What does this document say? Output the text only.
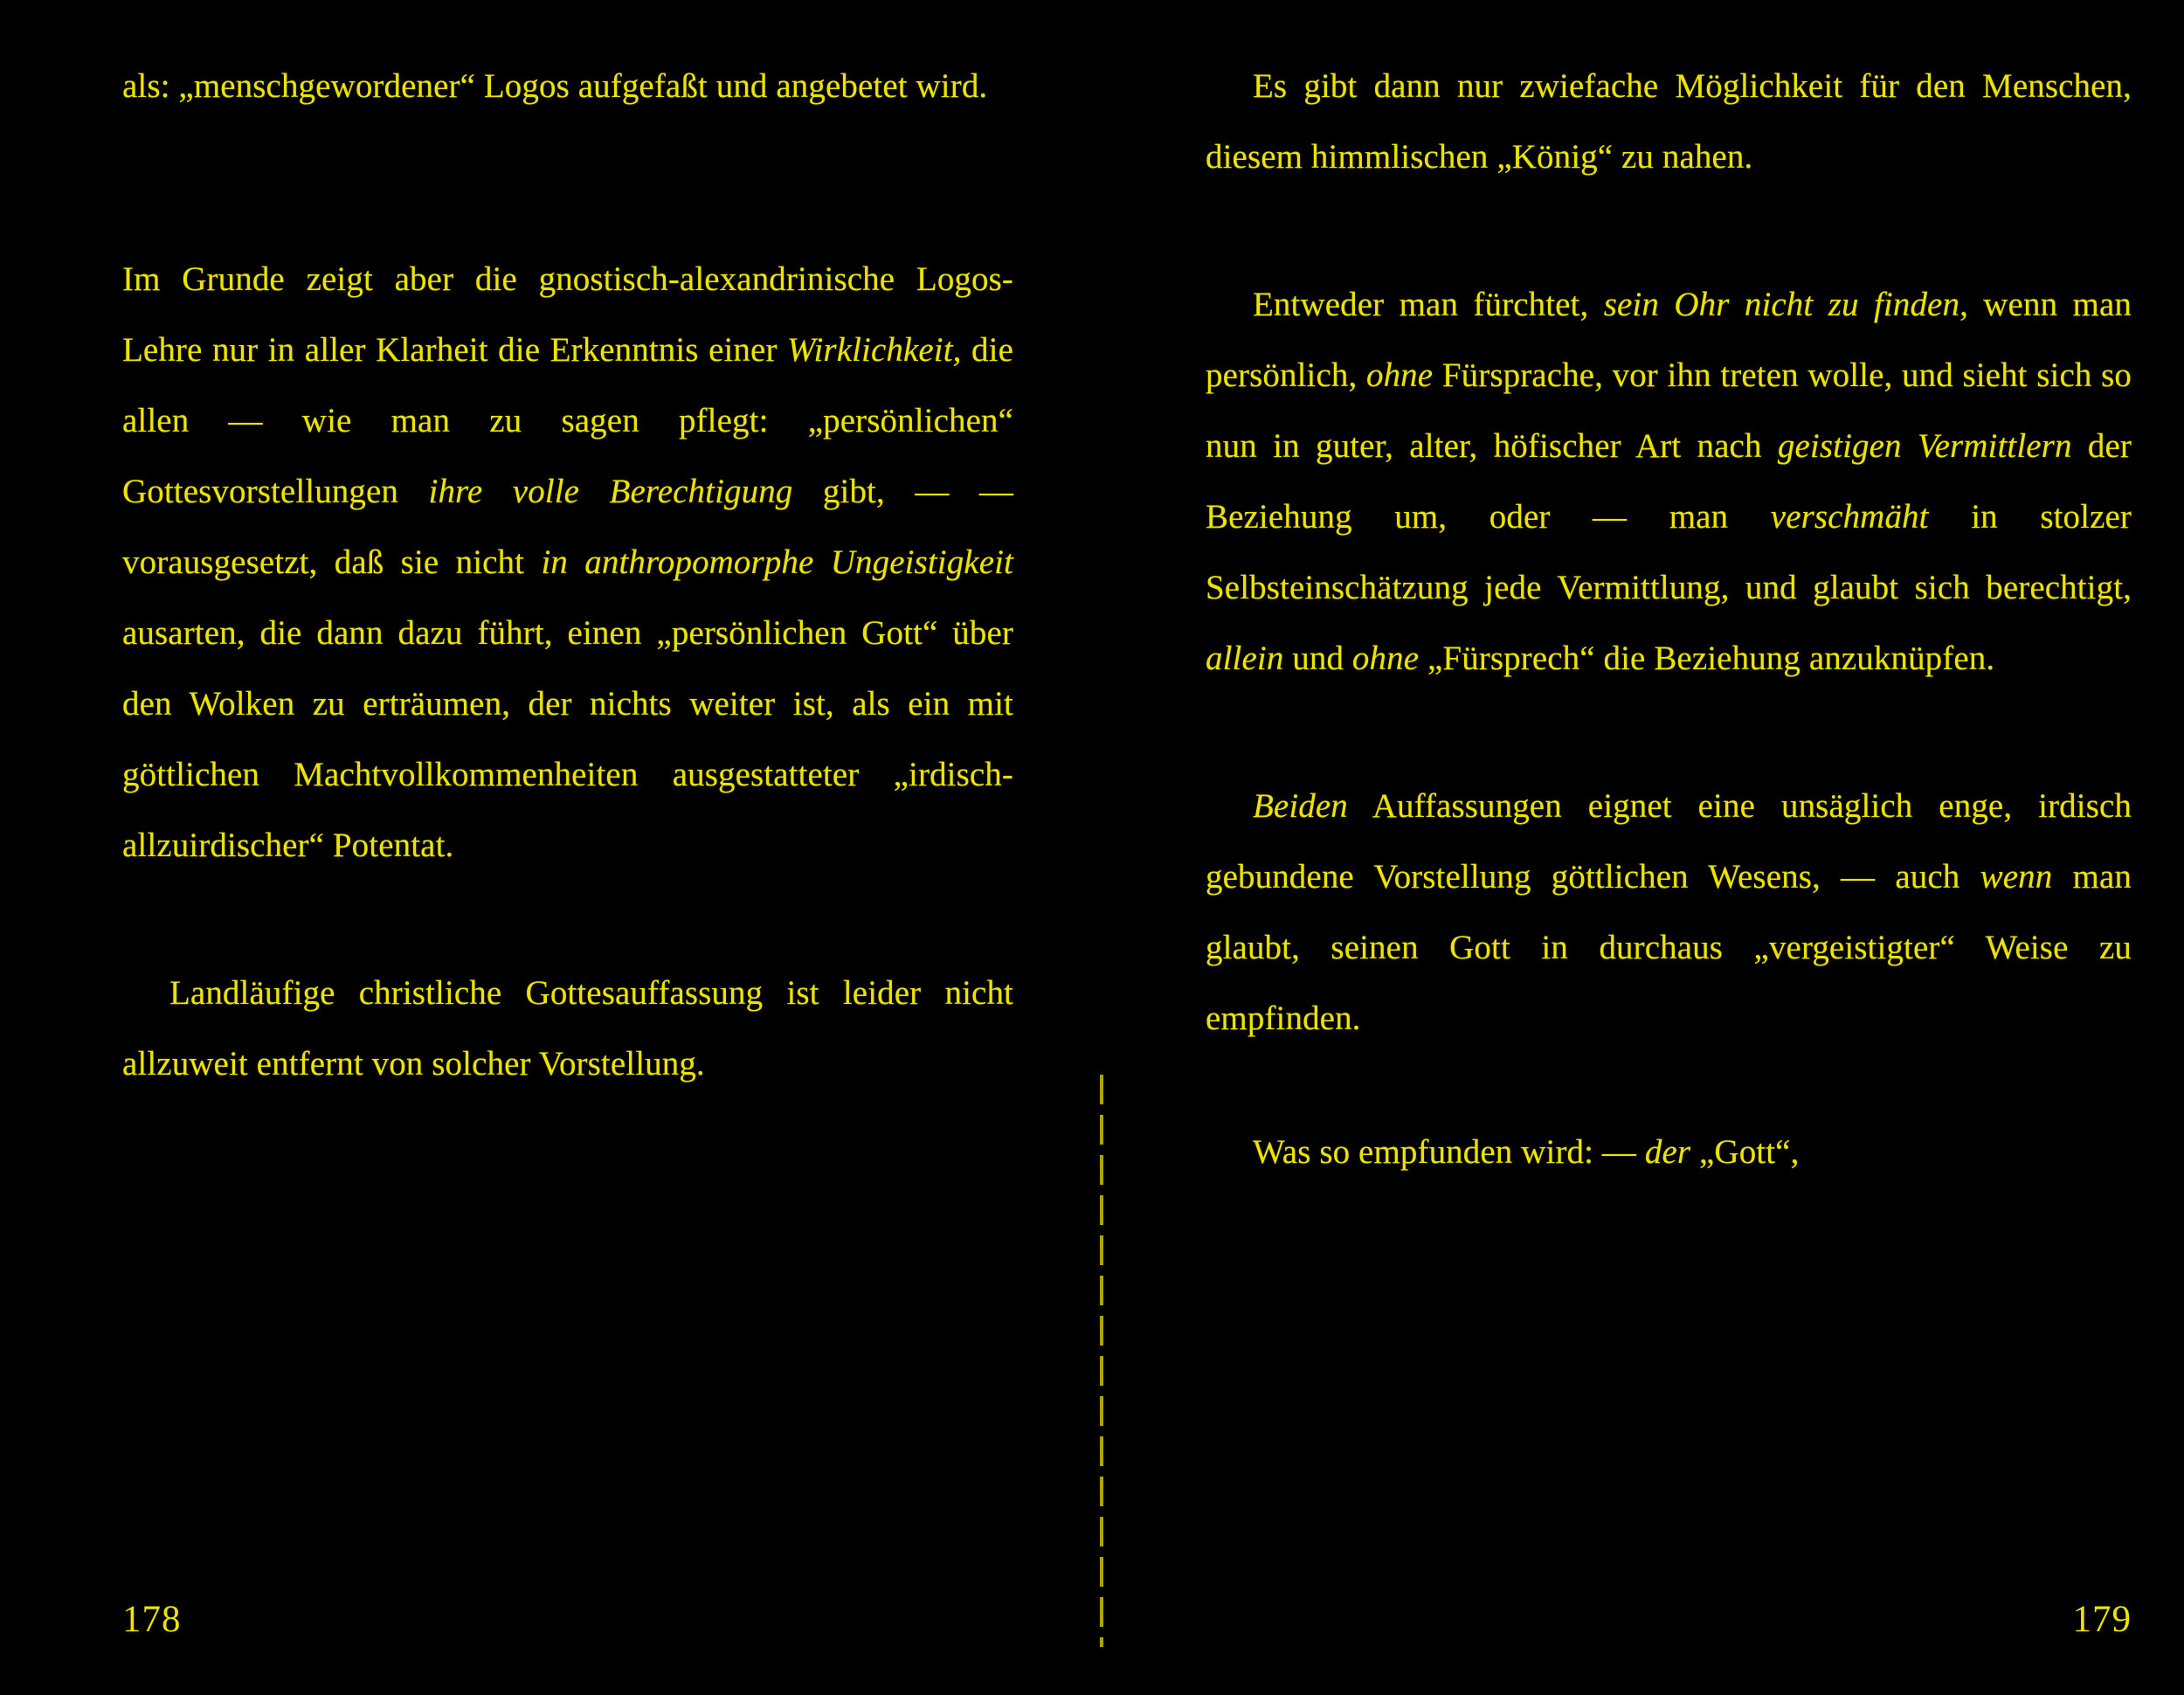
als: „menschgewordener“ Logos aufgefaßt und angebetet wird.

Im Grunde zeigt aber die gnostisch-alexandrinische Logos-Lehre nur in aller Klarheit die Erkenntnis einer Wirklichkeit, die allen — wie man zu sagen pflegt: „persönlichen“ Gottesvorstellungen ihre volle Berechtigung gibt, — — vorausgesetzt, daß sie nicht in anthropomorphe Ungeistigkeit ausarten, die dann dazu führt, einen „persönlichen Gott“ über den Wolken zu erträumen, der nichts weiter ist, als ein mit göttlichen Machtvollkommenheiten ausgestatteter „irdisch-allzuirdischer“ Potentat.

Landläufige christliche Gottesauffassung ist leider nicht allzuweit entfernt von solcher Vorstellung.

178

Es gibt dann nur zwiefache Möglichkeit für den Menschen, diesem himmlischen „König“ zu nahen.

Entweder man fürchtet, sein Ohr nicht zu finden, wenn man persönlich, ohne Fürsprache, vor ihn treten wolle, und sieht sich so nun in guter, alter, höfischer Art nach geistigen Vermittlern der Beziehung um, oder — man verschmäht in stolzer Selbsteinschätzung jede Vermittlung, und glaubt sich berechtigt, allein und ohne „Fürsprech“ die Beziehung anzuknüpfen.

Beiden Auffassungen eignet eine unsäglich enge, irdisch gebundene Vorstellung göttlichen Wesens, — auch wenn man glaubt, seinen Gott in durchaus „vergeistigter“ Weise zu empfinden.

Was so empfunden wird: — der „Gott“,

179
